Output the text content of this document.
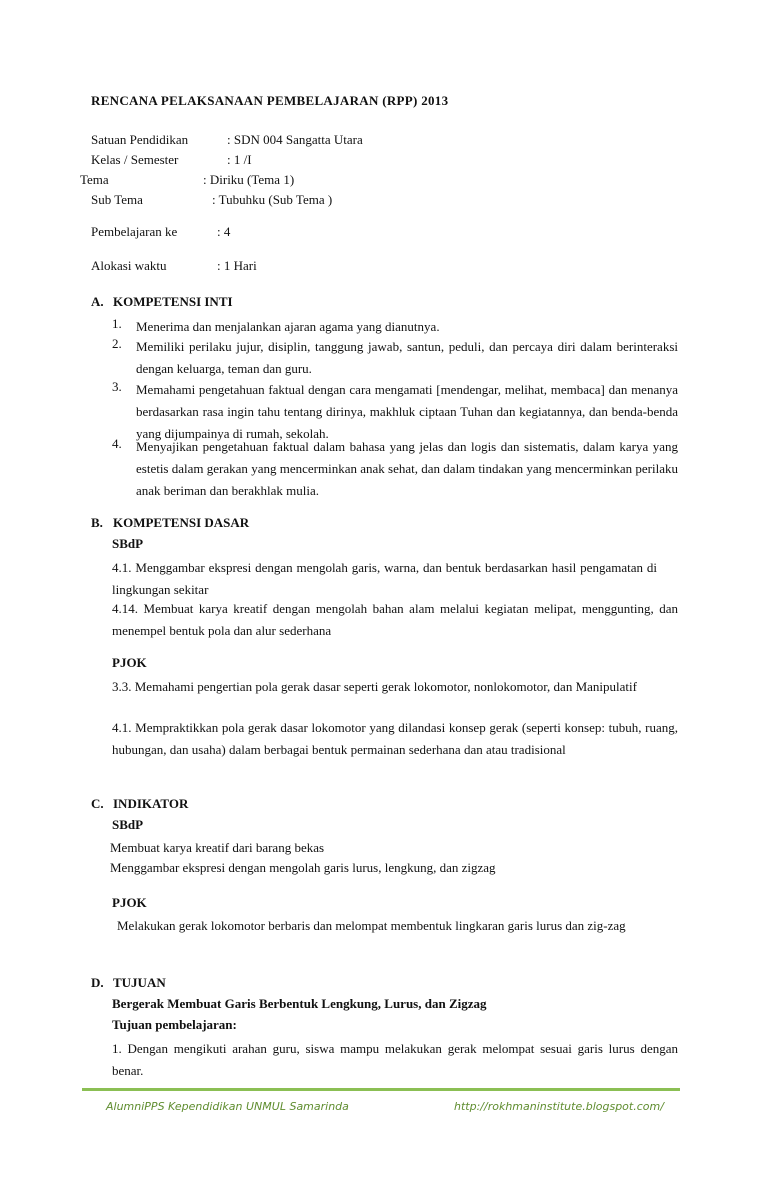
RENCANA PELAKSANAAN PEMBELAJARAN (RPP) 2013
Satuan Pendidikan	: SDN 004 Sangatta Utara
Kelas / Semester	: 1 /I
Tema	: Diriku (Tema 1)
Sub Tema	: Tubuhku (Sub Tema )
Pembelajaran ke	: 4
Alokasi waktu	: 1 Hari
A. KOMPETENSI INTI
1. Menerima dan menjalankan ajaran agama yang dianutnya.
2. Memiliki perilaku jujur, disiplin, tanggung jawab, santun, peduli, dan percaya diri dalam berinteraksi dengan keluarga, teman dan guru.
3. Memahami pengetahuan faktual dengan cara mengamati [mendengar, melihat, membaca] dan menanya berdasarkan rasa ingin tahu tentang dirinya, makhluk ciptaan Tuhan dan kegiatannya, dan benda-benda yang dijumpainya di rumah, sekolah.
4. Menyajikan pengetahuan faktual dalam bahasa yang jelas dan logis dan sistematis, dalam karya yang estetis dalam gerakan yang mencerminkan anak sehat, dan dalam tindakan yang mencerminkan perilaku anak beriman dan berakhlak mulia.
B. KOMPETENSI DASAR
SBdP
4.1. Menggambar ekspresi dengan mengolah garis, warna, dan bentuk berdasarkan hasil pengamatan di lingkungan sekitar
4.14. Membuat karya kreatif dengan mengolah bahan alam melalui kegiatan melipat, menggunting, dan menempel bentuk pola dan alur sederhana
PJOK
3.3. Memahami pengertian pola gerak dasar seperti gerak lokomotor, nonlokomotor, dan Manipulatif
4.1. Mempraktikkan pola gerak dasar lokomotor yang dilandasi konsep gerak (seperti konsep: tubuh, ruang, hubungan, dan usaha) dalam berbagai bentuk permainan sederhana dan atau tradisional
C. INDIKATOR
SBdP
Membuat karya kreatif dari barang bekas
Menggambar ekspresi dengan mengolah garis lurus, lengkung, dan zigzag
PJOK
Melakukan gerak lokomotor berbaris dan melompat membentuk lingkaran garis lurus dan zig-zag
D. TUJUAN
Bergerak Membuat Garis Berbentuk Lengkung, Lurus, dan Zigzag
Tujuan pembelajaran:
1. Dengan mengikuti arahan guru, siswa mampu melakukan gerak melompat sesuai garis lurus dengan benar.
AlumniPPS Kependidikan UNMUL Samarinda	http://rokhmaninstitute.blogspot.com/
